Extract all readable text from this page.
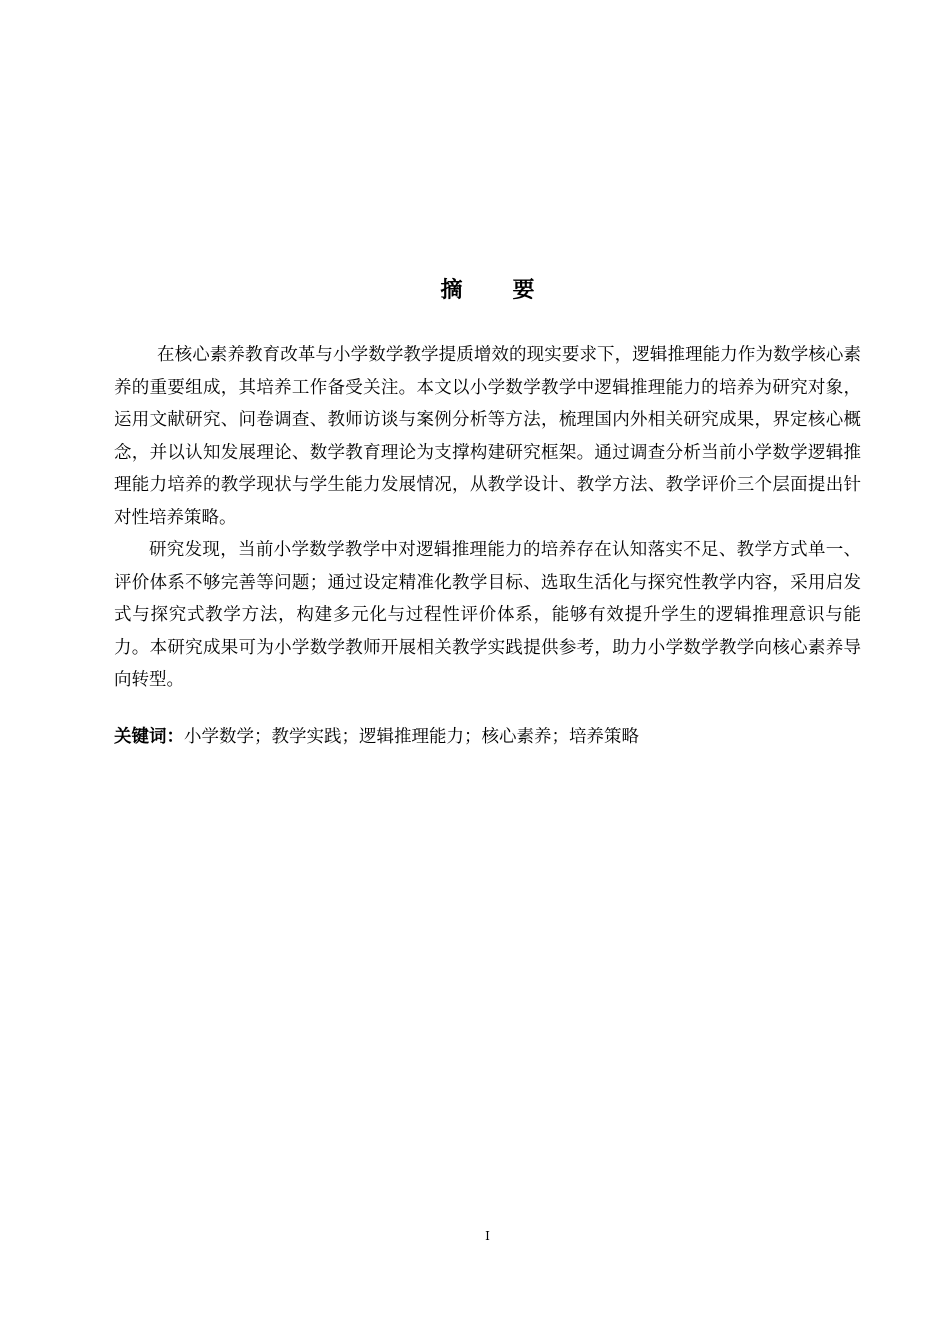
摘 要

在核心素养教育改革与小学数学教学提质增效的现实要求下，逻辑推理能力作为数学核心素养的重要组成，其培养工作备受关注。本文以小学数学教学中逻辑推理能力的培养为研究对象，运用文献研究、问卷调查、教师访谈与案例分析等方法，梳理国内外相关研究成果，界定核心概念，并以认知发展理论、数学教育理论为支撑构建研究框架。通过调查分析当前小学数学逻辑推理能力培养的教学现状与学生能力发展情况，从教学设计、教学方法、教学评价三个层面提出针对性培养策略。

研究发现，当前小学数学教学中对逻辑推理能力的培养存在认知落实不足、教学方式单一、评价体系不够完善等问题；通过设定精准化教学目标、选取生活化与探究性教学内容，采用启发式与探究式教学方法，构建多元化与过程性评价体系，能够有效提升学生的逻辑推理意识与能力。本研究成果可为小学数学教师开展相关教学实践提供参考，助力小学数学教学向核心素养导向转型。

关键词：小学数学；教学实践；逻辑推理能力；核心素养；培养策略
I
